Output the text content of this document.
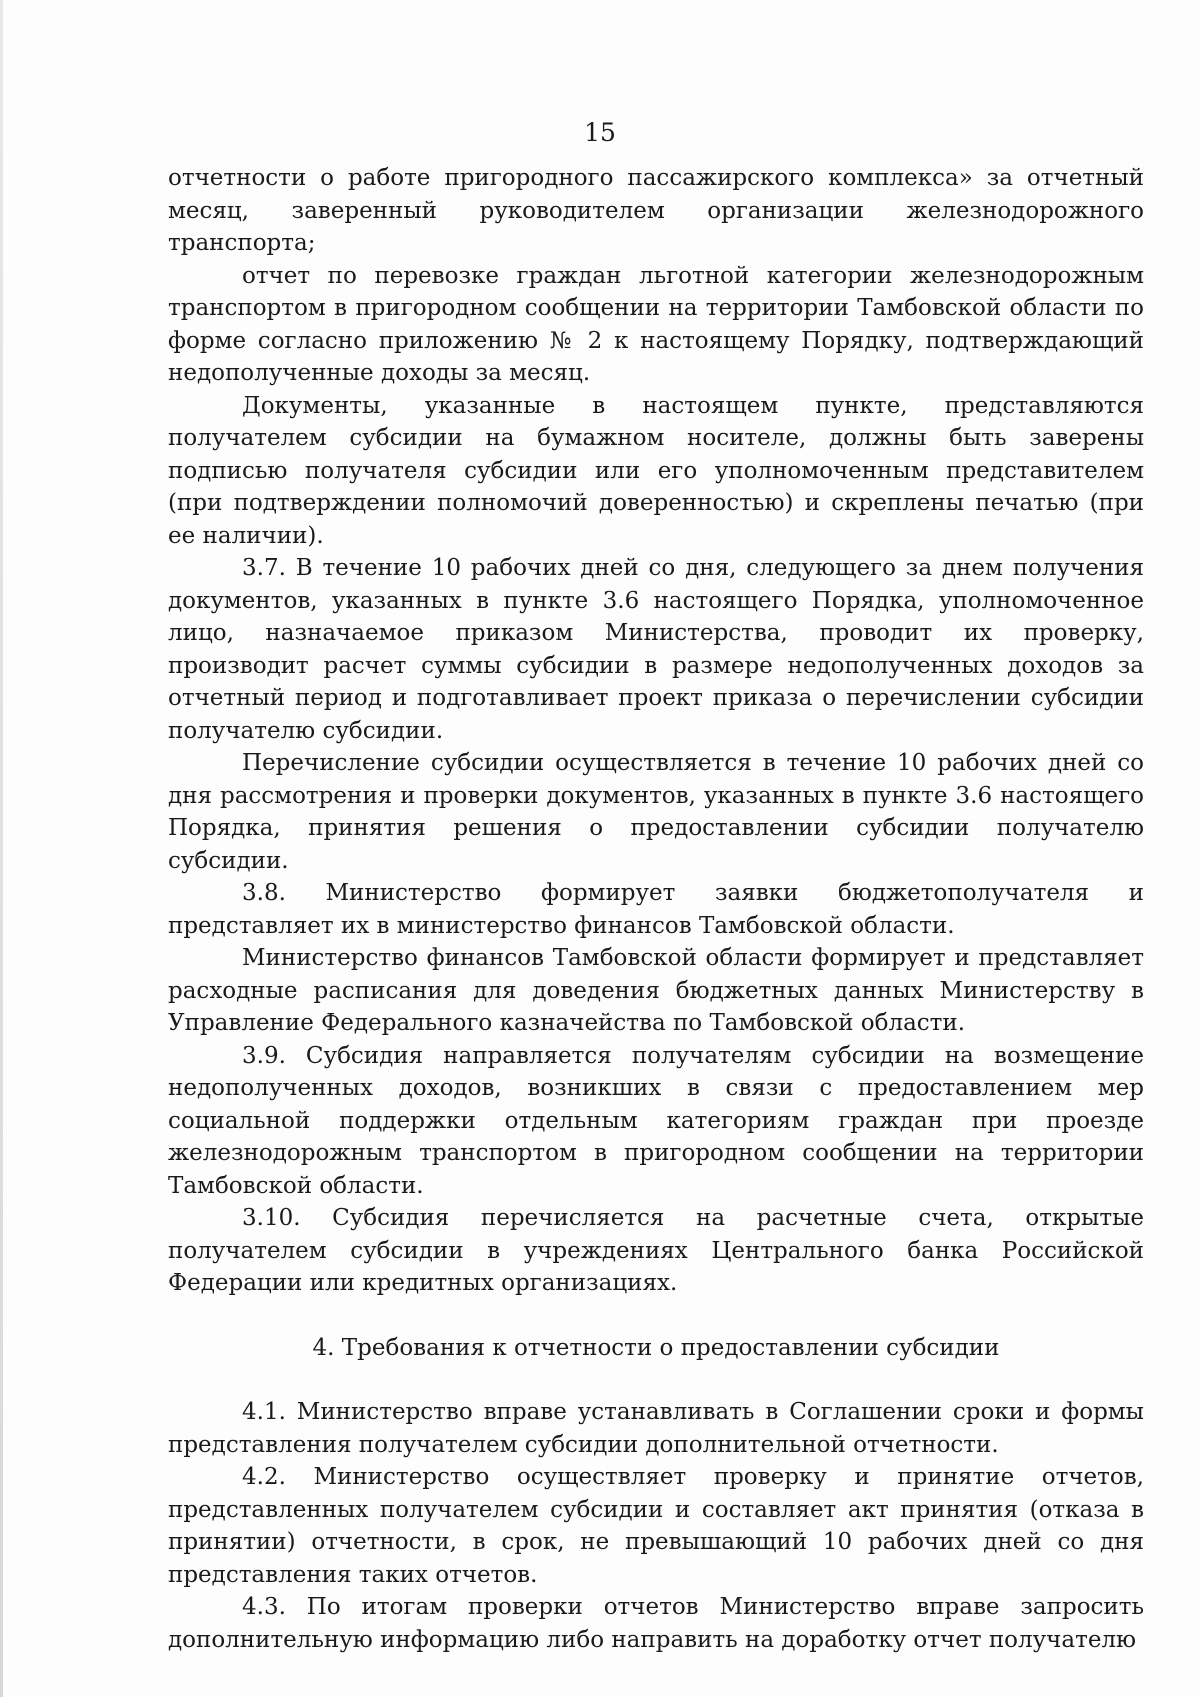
15

отчетности о работе пригородного пассажирского комплекса» за отчетный месяц, заверенный руководителем организации железнодорожного транспорта;

отчет по перевозке граждан льготной категории железнодорожным транспортом в пригородном сообщении на территории Тамбовской области по форме согласно приложению № 2 к настоящему Порядку, подтверждающий недополученные доходы за месяц.

Документы, указанные в настоящем пункте, представляются получателем субсидии на бумажном носителе, должны быть заверены подписью получателя субсидии или его уполномоченным представителем (при подтверждении полномочий доверенностью) и скреплены печатью (при ее наличии).

3.7. В течение 10 рабочих дней со дня, следующего за днем получения документов, указанных в пункте 3.6 настоящего Порядка, уполномоченное лицо, назначаемое приказом Министерства, проводит их проверку, производит расчет суммы субсидии в размере недополученных доходов за отчетный период и подготавливает проект приказа о перечислении субсидии получателю субсидии.

Перечисление субсидии осуществляется в течение 10 рабочих дней со дня рассмотрения и проверки документов, указанных в пункте 3.6 настоящего Порядка, принятия решения о предоставлении субсидии получателю субсидии.

3.8. Министерство формирует заявки бюджетополучателя и представляет их в министерство финансов Тамбовской области.

Министерство финансов Тамбовской области формирует и представляет расходные расписания для доведения бюджетных данных Министерству в Управление Федерального казначейства по Тамбовской области.

3.9. Субсидия направляется получателям субсидии на возмещение недополученных доходов, возникших в связи с предоставлением мер социальной поддержки отдельным категориям граждан при проезде железнодорожным транспортом в пригородном сообщении на территории Тамбовской области.

3.10. Субсидия перечисляется на расчетные счета, открытые получателем субсидии в учреждениях Центрального банка Российской Федерации или кредитных организациях.

4. Требования к отчетности о предоставлении субсидии

4.1. Министерство вправе устанавливать в Соглашении сроки и формы представления получателем субсидии дополнительной отчетности.

4.2. Министерство осуществляет проверку и принятие отчетов, представленных получателем субсидии и составляет акт принятия (отказа в принятии) отчетности, в срок, не превышающий 10 рабочих дней со дня представления таких отчетов.

4.3. По итогам проверки отчетов Министерство вправе запросить дополнительную информацию либо направить на доработку отчет получателю
